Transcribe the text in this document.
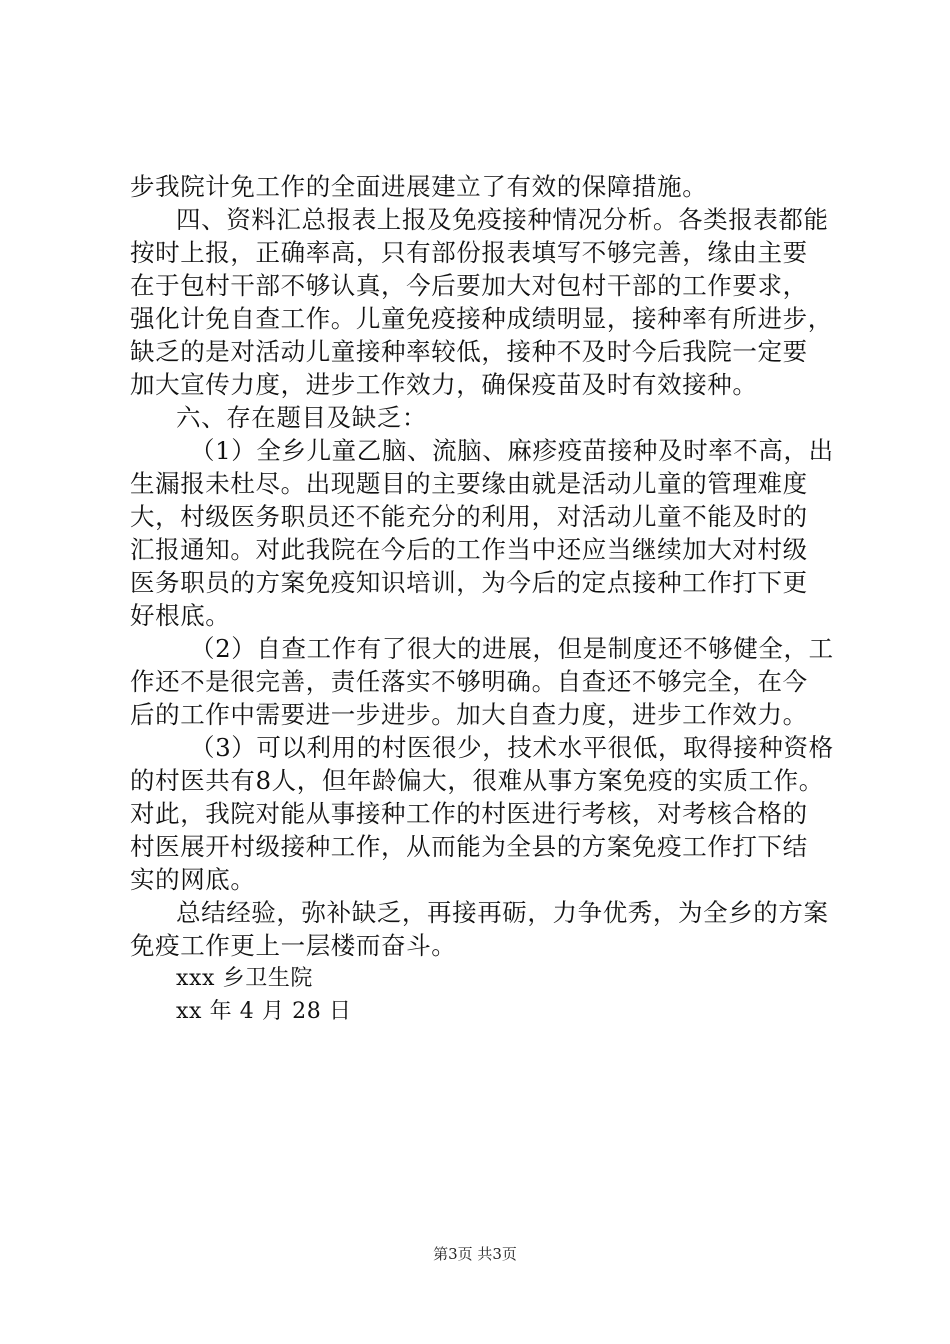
步我院计免工作的全面进展建立了有效的保障措施。
四、资料汇总报表上报及免疫接种情况分析。各类报表都能
按时上报，正确率高，只有部份报表填写不够完善，缘由主要
在于包村干部不够认真，今后要加大对包村干部的工作要求，
强化计免自查工作。儿童免疫接种成绩明显，接种率有所进步，
缺乏的是对活动儿童接种率较低，接种不及时今后我院一定要
加大宣传力度，进步工作效力，确保疫苗及时有效接种。
六、存在题目及缺乏：
（1）全乡儿童乙脑、流脑、麻疹疫苗接种及时率不高，出
生漏报未杜尽。出现题目的主要缘由就是活动儿童的管理难度
大，村级医务职员还不能充分的利用，对活动儿童不能及时的
汇报通知。对此我院在今后的工作当中还应当继续加大对村级
医务职员的方案免疫知识培训，为今后的定点接种工作打下更
好根底。
（2）自查工作有了很大的进展，但是制度还不够健全，工
作还不是很完善，责任落实不够明确。自查还不够完全，在今
后的工作中需要进一步进步。加大自查力度，进步工作效力。
（3）可以利用的村医很少，技术水平很低，取得接种资格
的村医共有8人，但年龄偏大，很难从事方案免疫的实质工作。
对此，我院对能从事接种工作的村医进行考核，对考核合格的
村医展开村级接种工作，从而能为全县的方案免疫工作打下结
实的网底。
总结经验，弥补缺乏，再接再砺，力争优秀，为全乡的方案
免疫工作更上一层楼而奋斗。
xxx 乡卫生院
xx 年 4 月 28 日
第3页 共3页
